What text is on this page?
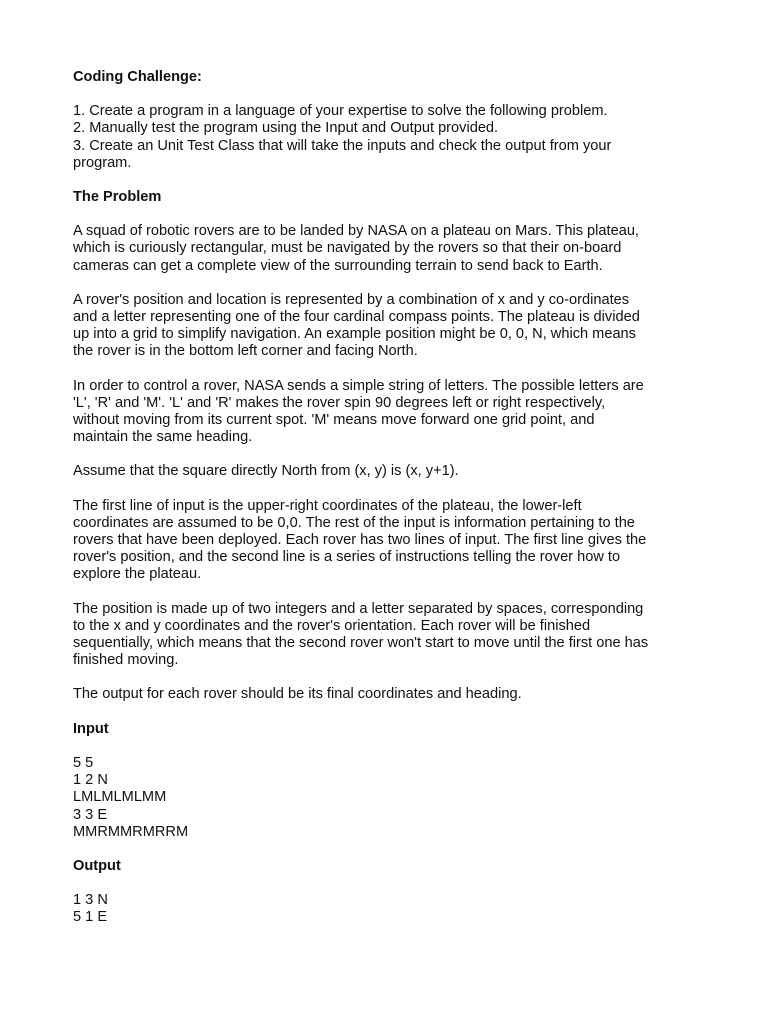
Coding Challenge:
1. Create a program in a language of your expertise to solve the following problem.
2. Manually test the program using the Input and Output provided.
3. Create an Unit Test Class that will take the inputs and check the output from your
program.
The Problem
A squad of robotic rovers are to be landed by NASA on a plateau on Mars. This plateau,
which is curiously rectangular, must be navigated by the rovers so that their on-board
cameras can get a complete view of the surrounding terrain to send back to Earth.
A rover's position and location is represented by a combination of x and y co-ordinates
and a letter representing one of the four cardinal compass points. The plateau is divided
up into a grid to simplify navigation. An example position might be 0, 0, N, which means
the rover is in the bottom left corner and facing North.
In order to control a rover, NASA sends a simple string of letters. The possible letters are
'L', 'R' and 'M'. 'L' and 'R' makes the rover spin 90 degrees left or right respectively,
without moving from its current spot. 'M' means move forward one grid point, and
maintain the same heading.
Assume that the square directly North from (x, y) is (x, y+1).
The first line of input is the upper-right coordinates of the plateau, the lower-left
coordinates are assumed to be 0,0. The rest of the input is information pertaining to the
rovers that have been deployed. Each rover has two lines of input. The first line gives the
rover's position, and the second line is a series of instructions telling the rover how to
explore the plateau.
The position is made up of two integers and a letter separated by spaces, corresponding
to the x and y coordinates and the rover's orientation. Each rover will be finished
sequentially, which means that the second rover won't start to move until the first one has
finished moving.
The output for each rover should be its final coordinates and heading.
Input
5 5
1 2 N
LMLMLMLMM
3 3 E
MMRMMRMRRM
Output
1 3 N
5 1 E
